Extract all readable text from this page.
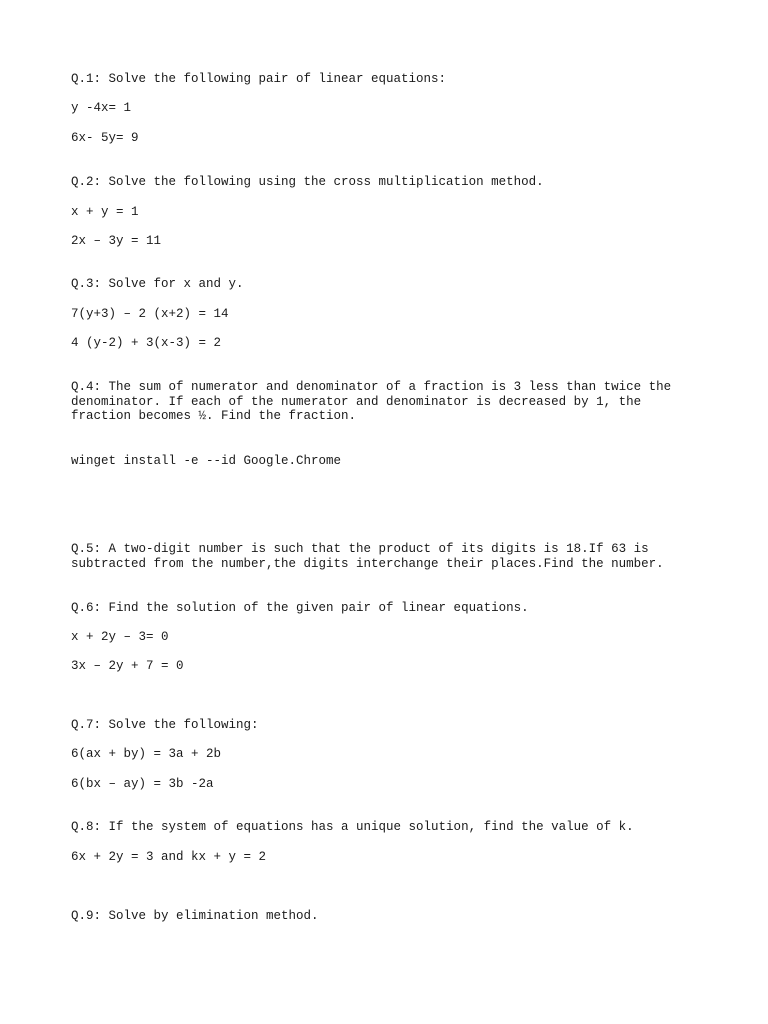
Q.1: Solve the following pair of linear equations:

y -4x= 1

6x- 5y= 9

Q.2: Solve the following using the cross multiplication method.

x + y = 1

2x – 3y = 11

Q.3: Solve for x and y.

7(y+3) – 2 (x+2) = 14

4 (y-2) + 3(x-3) = 2

Q.4: The sum of numerator and denominator of a fraction is 3 less than twice the denominator. If each of the numerator and denominator is decreased by 1, the fraction becomes ½. Find the fraction.

winget install -e --id Google.Chrome

Q.5: A two-digit number is such that the product of its digits is 18.If 63 is subtracted from the number,the digits interchange their places.Find the number.

Q.6: Find the solution of the given pair of linear equations.

x + 2y – 3= 0

3x – 2y + 7 = 0

Q.7: Solve the following:

6(ax + by) = 3a + 2b

6(bx – ay) = 3b -2a

Q.8: If the system of equations has a unique solution, find the value of k.

6x + 2y = 3 and kx + y = 2

Q.9: Solve by elimination method.
